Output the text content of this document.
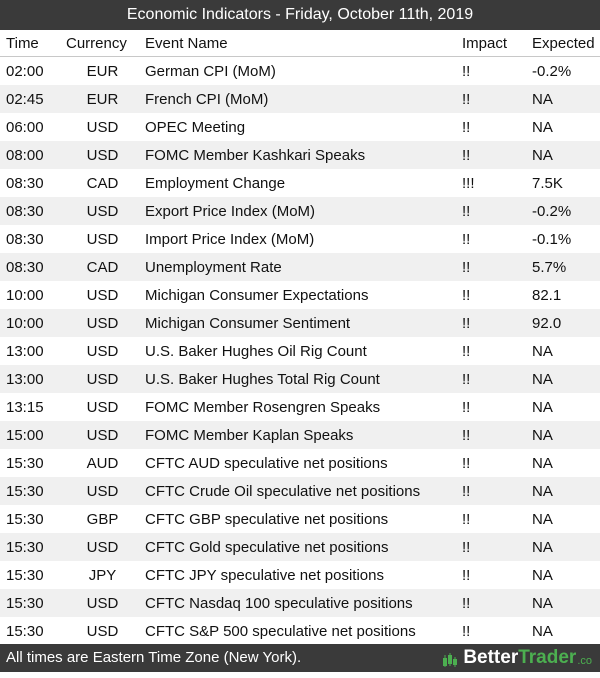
Economic Indicators - Friday, October 11th, 2019
Time	Currency	Event Name	Impact	Expected
02:00	EUR	German CPI (MoM)	!!	-0.2%
02:45	EUR	French CPI (MoM)	!!	NA
06:00	USD	OPEC Meeting	!!	NA
08:00	USD	FOMC Member Kashkari Speaks	!!	NA
08:30	CAD	Employment Change	!!!	7.5K
08:30	USD	Export Price Index (MoM)	!!	-0.2%
08:30	USD	Import Price Index (MoM)	!!	-0.1%
08:30	CAD	Unemployment Rate	!!	5.7%
10:00	USD	Michigan Consumer Expectations	!!	82.1
10:00	USD	Michigan Consumer Sentiment	!!	92.0
13:00	USD	U.S. Baker Hughes Oil Rig Count	!!	NA
13:00	USD	U.S. Baker Hughes Total Rig Count	!!	NA
13:15	USD	FOMC Member Rosengren Speaks	!!	NA
15:00	USD	FOMC Member Kaplan Speaks	!!	NA
15:30	AUD	CFTC AUD speculative net positions	!!	NA
15:30	USD	CFTC Crude Oil speculative net positions	!!	NA
15:30	GBP	CFTC GBP speculative net positions	!!	NA
15:30	USD	CFTC Gold speculative net positions	!!	NA
15:30	JPY	CFTC JPY speculative net positions	!!	NA
15:30	USD	CFTC Nasdaq 100 speculative positions	!!	NA
15:30	USD	CFTC S&P 500 speculative net positions	!!	NA
All times are Eastern Time Zone (New York).	Better Trader .co
